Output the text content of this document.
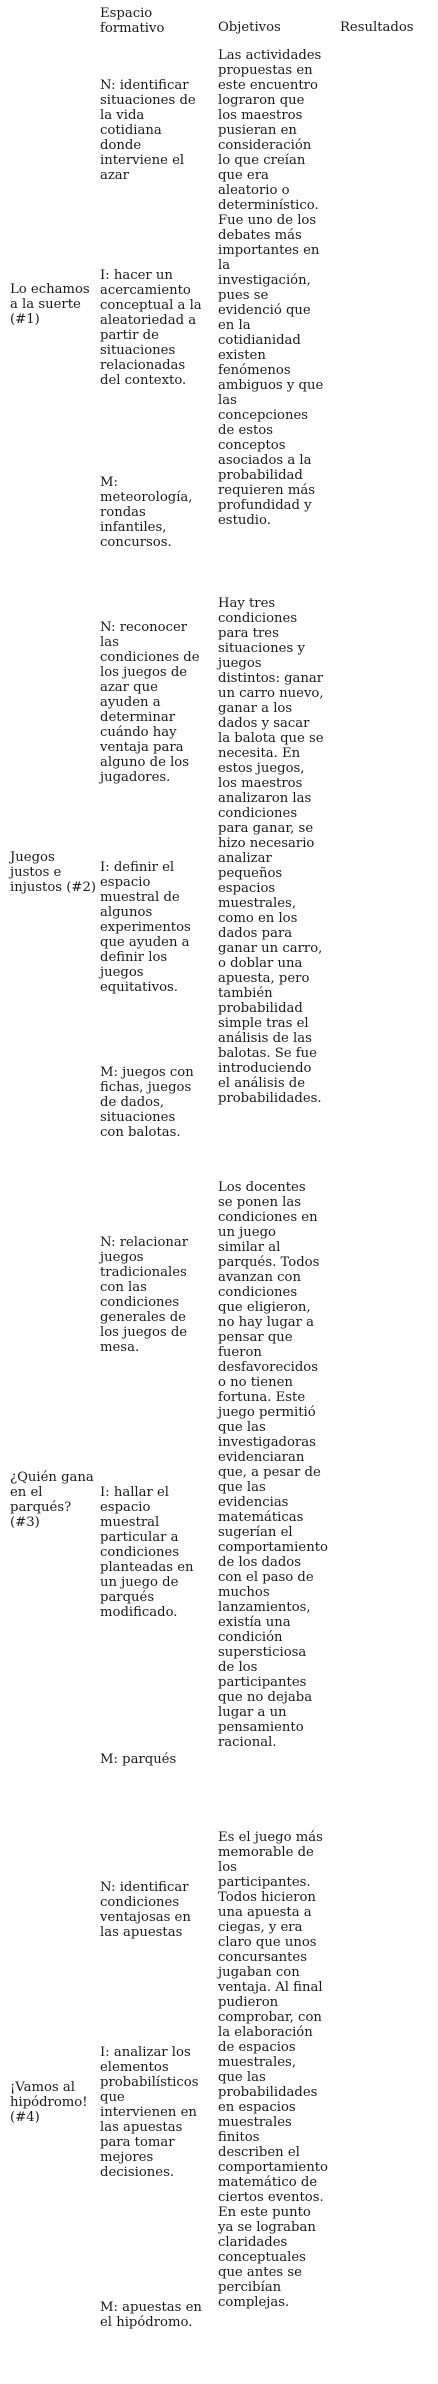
Espacio formativo	Objetivos	Resultados
Lo echamos a la suerte (#1)
N: identificar situaciones de la vida cotidiana donde interviene el azar
I: hacer un acercamiento conceptual a la aleatoriedad a partir de situaciones relacionadas del contexto.
M: meteorología, rondas infantiles, concursos.
Las actividades propuestas en este encuentro lograron que los maestros pusieran en consideración lo que creían que era aleatorio o determinístico. Fue uno de los debates más importantes en la investigación, pues se evidenció que en la cotidianidad existen fenómenos ambiguos y que las concepciones de estos conceptos asociados a la probabilidad requieren más profundidad y estudio.
Juegos justos e injustos (#2)
N: reconocer las condiciones de los juegos de azar que ayuden a determinar cuándo hay ventaja para alguno de los jugadores.
I: definir el espacio muestral de algunos experimentos que ayuden a definir los juegos equitativos.
M: juegos con fichas, juegos de dados, situaciones con balotas.
Hay tres condiciones para tres situaciones y juegos distintos: ganar un carro nuevo, ganar a los dados y sacar la balota que se necesita. En estos juegos, los maestros analizaron las condiciones para ganar, se hizo necesario analizar pequeños espacios muestrales, como en los dados para ganar un carro, o doblar una apuesta, pero también probabilidad simple tras el análisis de las balotas. Se fue introduciendo el análisis de probabilidades.
¿Quién gana en el parqués? (#3)
N: relacionar juegos tradicionales con las condiciones generales de los juegos de mesa.
I: hallar el espacio muestral particular a condiciones planteadas en un juego de parqués modificado.
M: parqués
Los docentes se ponen las condiciones en un juego similar al parqués. Todos avanzan con condiciones que eligieron, no hay lugar a pensar que fueron desfavorecidos o no tienen fortuna. Este juego permitió que las investigadoras evidenciaran que, a pesar de que las evidencias matemáticas sugerían el comportamiento de los dados con el paso de muchos lanzamientos, existía una condición supersticiosa de los participantes que no dejaba lugar a un pensamiento racional.
¡Vamos al hipódromo! (#4)
N: identificar condiciones ventajosas en las apuestas
I: analizar los elementos probabilísticos que intervienen en las apuestas para tomar mejores decisiones.
M: apuestas en el hipódromo.
Es el juego más memorable de los participantes. Todos hicieron una apuesta a ciegas, y era claro que unos concursantes jugaban con ventaja. Al final pudieron comprobar, con la elaboración de espacios muestrales, que las probabilidades en espacios muestrales finitos describen el comportamiento matemático de ciertos eventos. En este punto ya se lograban claridades conceptuales que antes se percibían complejas.
